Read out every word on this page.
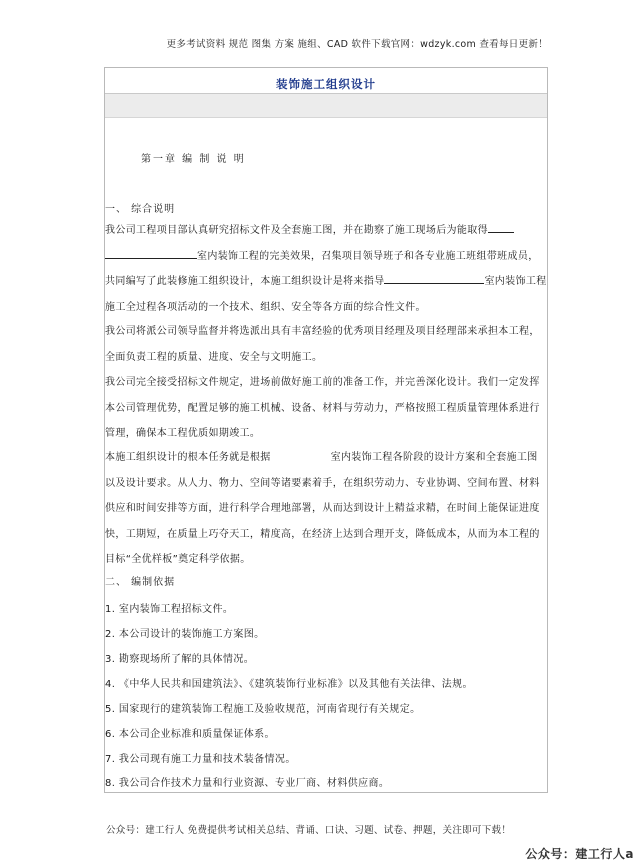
更多考试资料 规范 图集 方案 施组、CAD 软件下载官网：wdzyk.com 查看每日更新！
装饰施工组织设计
第一章 编 制 说 明
一、 综合说明
我公司工程项目部认真研究招标文件及全套施工图，并在勘察了施工现场后为能取得
室内装饰工程的完美效果，召集项目领导班子和各专业施工班组带班成员，共同编写了此装修施工组织设计，本施工组织设计是将来指导	室内装饰工程施工全过程各项活动的一个技术、组织、安全等各方面的综合性文件。
我公司将派公司领导监督并将选派出具有丰富经验的优秀项目经理及项目经理部来承担本工程，全面负责工程的质量、进度、安全与文明施工。
我公司完全接受招标文件规定，进场前做好施工前的准备工作，并完善深化设计。我们一定发挥本公司管理优势，配置足够的施工机械、设备、材料与劳动力，严格按照工程质量管理体系进行管理，确保本工程优质如期竣工。
本施工组织设计的根本任务就是根据	室内装饰工程各阶段的设计方案和全套施工图以及设计要求。从人力、物力、空间等诸要素着手，在组织劳动力、专业协调、空间布置、材料供应和时间安排等方面，进行科学合理地部署，从而达到设计上精益求精，在时间上能保证进度快，工期短，在质量上巧夺天工，精度高，在经济上达到合理开支，降低成本，从而为本工程的目标“全优样板”奠定科学依据。
二、 编制依据
1. 室内装饰工程招标文件。
2. 本公司设计的装饰施工方案图。
3. 勘察现场所了解的具体情况。
4. 《中华人民共和国建筑法》、《建筑装饰行业标准》以及其他有关法律、法规。
5. 国家现行的建筑装饰工程施工及验收规范，河南省现行有关规定。
6. 本公司企业标准和质量保证体系。
7. 我公司现有施工力量和技术装备情况。
8. 我公司合作技术力量和行业资源、专业厂商、材料供应商。
公众号：建工行人 免费提供考试相关总结、背诵、口诀、习题、试卷、押题，关注即可下载！
公众号：建工行人a
